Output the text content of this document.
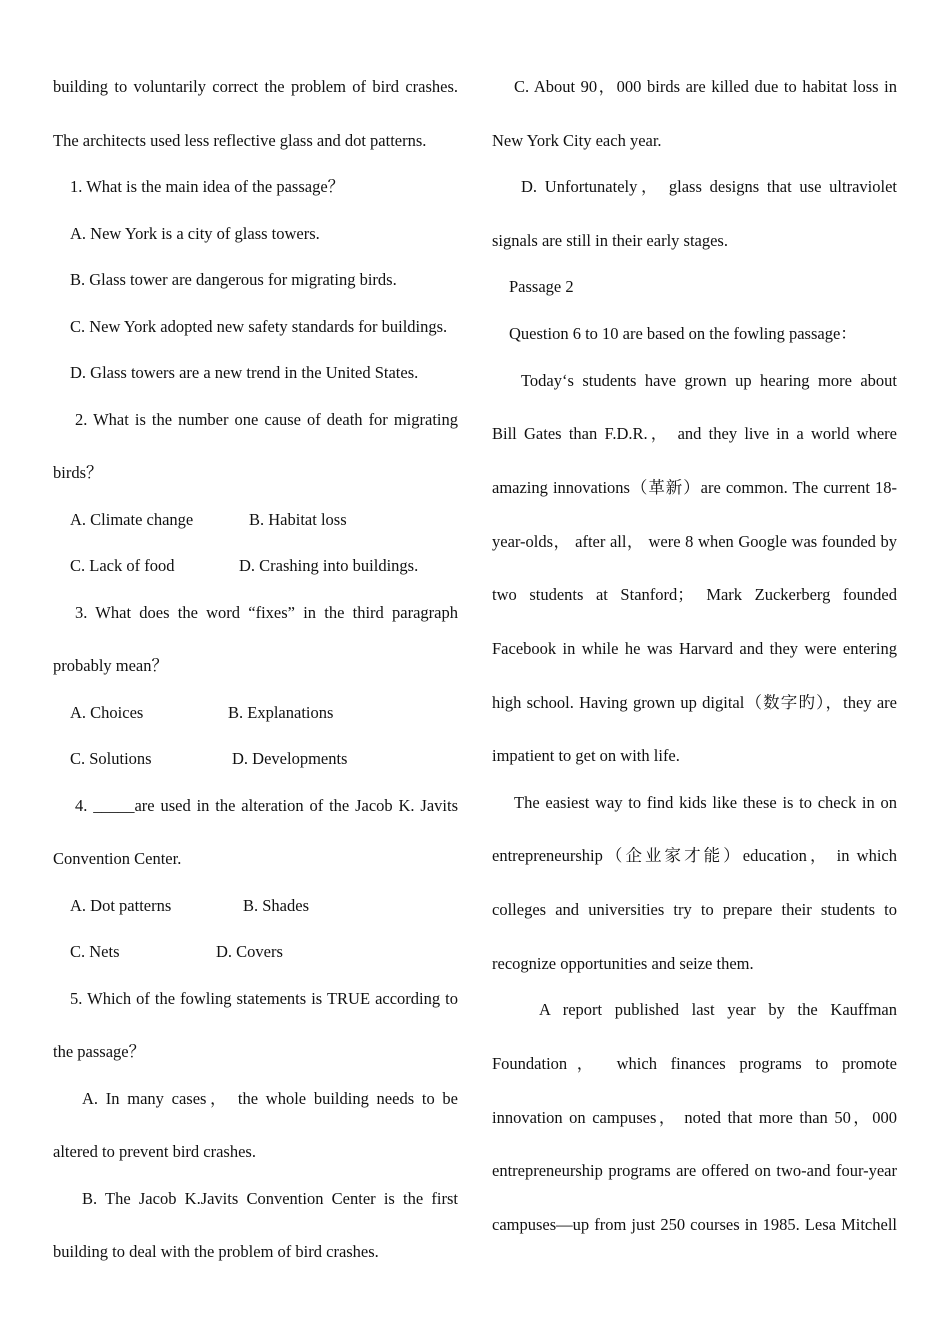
building to voluntarily correct the problem of bird crashes.
The architects used less reflective glass and dot patterns.
1. What is the main idea of the passage？
A. New York is a city of glass towers.
B. Glass tower are dangerous for migrating birds.
C. New York adopted new safety standards for buildings.
D. Glass towers are a new trend in the United States.
2. What is the number one cause of death for migrating
birds？
A. Climate change	B. Habitat loss
C. Lack of food	D. Crashing into buildings.
3. What does the word “fixes” in the third paragraph
probably mean？
A. Choices	B. Explanations
C. Solutions	D. Developments
4. _____are used in the alteration of the Jacob K. Javits
Convention Center.
A. Dot patterns	B. Shades
C. Nets	D. Covers
5. Which of the fowling statements is TRUE according to
the passage？
A. In many cases， the whole building needs to be
altered to prevent bird crashes.
B. The Jacob K.Javits Convention Center is the first
building to deal with the problem of bird crashes.
C. About 90，000 birds are killed due to habitat loss in
New York City each year.
D. Unfortunately， glass designs that use ultraviolet
signals are still in their early stages.
Passage 2
Question 6 to 10 are based on the fowling passage：
Today‘s students have grown up hearing more about
Bill Gates than F.D.R.， and they live in a world where
amazing innovations（革新）are common. The current 18-
year-olds， after all， were 8 when Google was founded by
two students at Stanford； Mark Zuckerberg founded
Facebook in while he was Harvard and they were entering
high school. Having grown up digital（数字旳），they are
impatient to get on with life.
The easiest way to find kids like these is to check in on
entrepreneurship（企业家才能）education， in which
colleges and universities try to prepare their students to
recognize opportunities and seize them.
A report published last year by the Kauffman
Foundation， which finances programs to promote
innovation on campuses， noted that more than 50，000
entrepreneurship programs are offered on two-and four-year
campuses—up from just 250 courses in 1985. Lesa Mitchell
